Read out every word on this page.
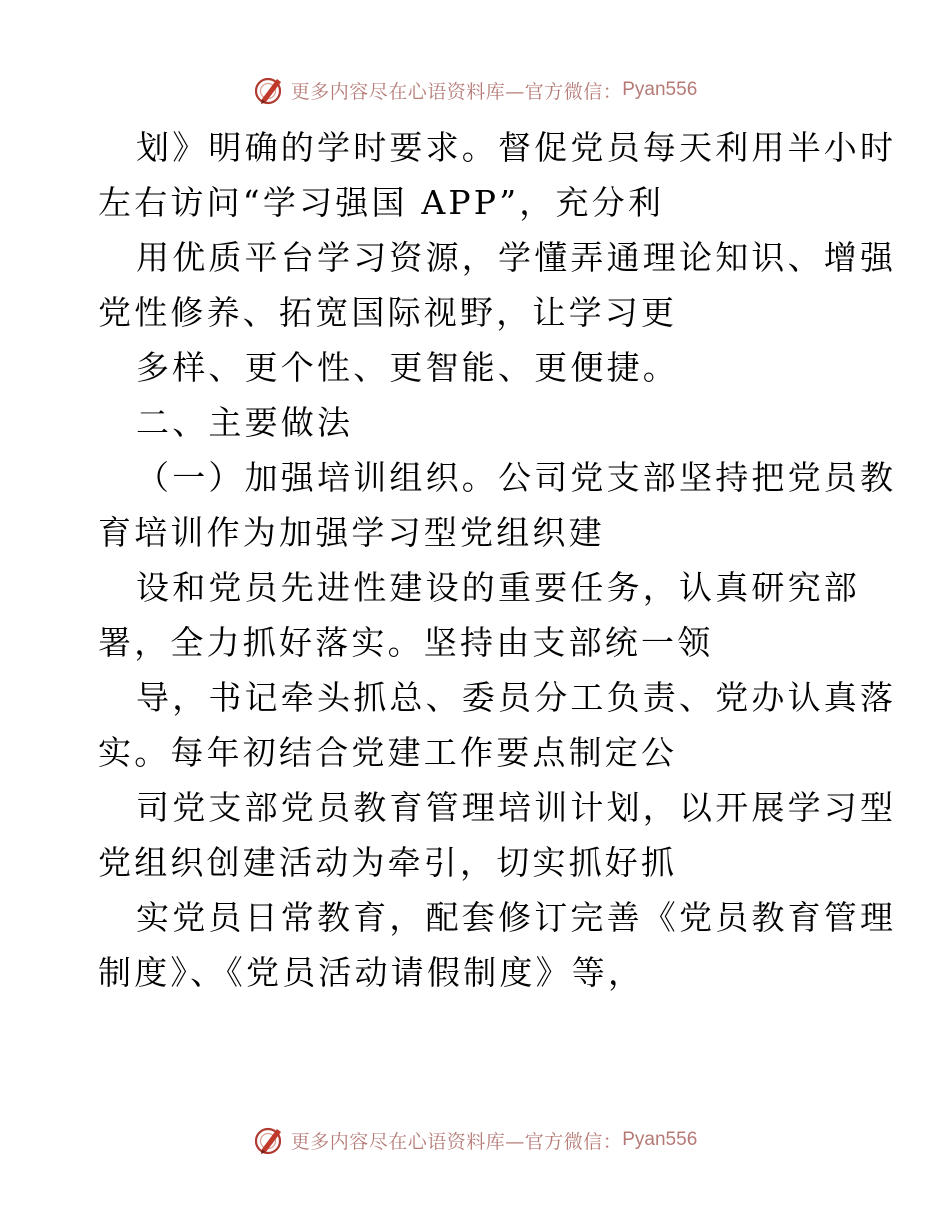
更多内容尽在心语资料库—官方微信： Pyan556
划》明确的学时要求。督促党员每天利用半小时
左右访问“学习强国 APP”，充分利
用优质平台学习资源，学懂弄通理论知识、增强
党性修养、拓宽国际视野，让学习更
多样、更个性、更智能、更便捷。
二、主要做法
（一）加强培训组织。公司党支部坚持把党员教
育培训作为加强学习型党组织建
设和党员先进性建设的重要任务，认真研究部
署，全力抓好落实。坚持由支部统一领
导，书记牵头抓总、委员分工负责、党办认真落
实。每年初结合党建工作要点制定公
司党支部党员教育管理培训计划，以开展学习型
党组织创建活动为牵引，切实抓好抓
实党员日常教育，配套修订完善《党员教育管理
制度》、《党员活动请假制度》等，
更多内容尽在心语资料库—官方微信： Pyan556
